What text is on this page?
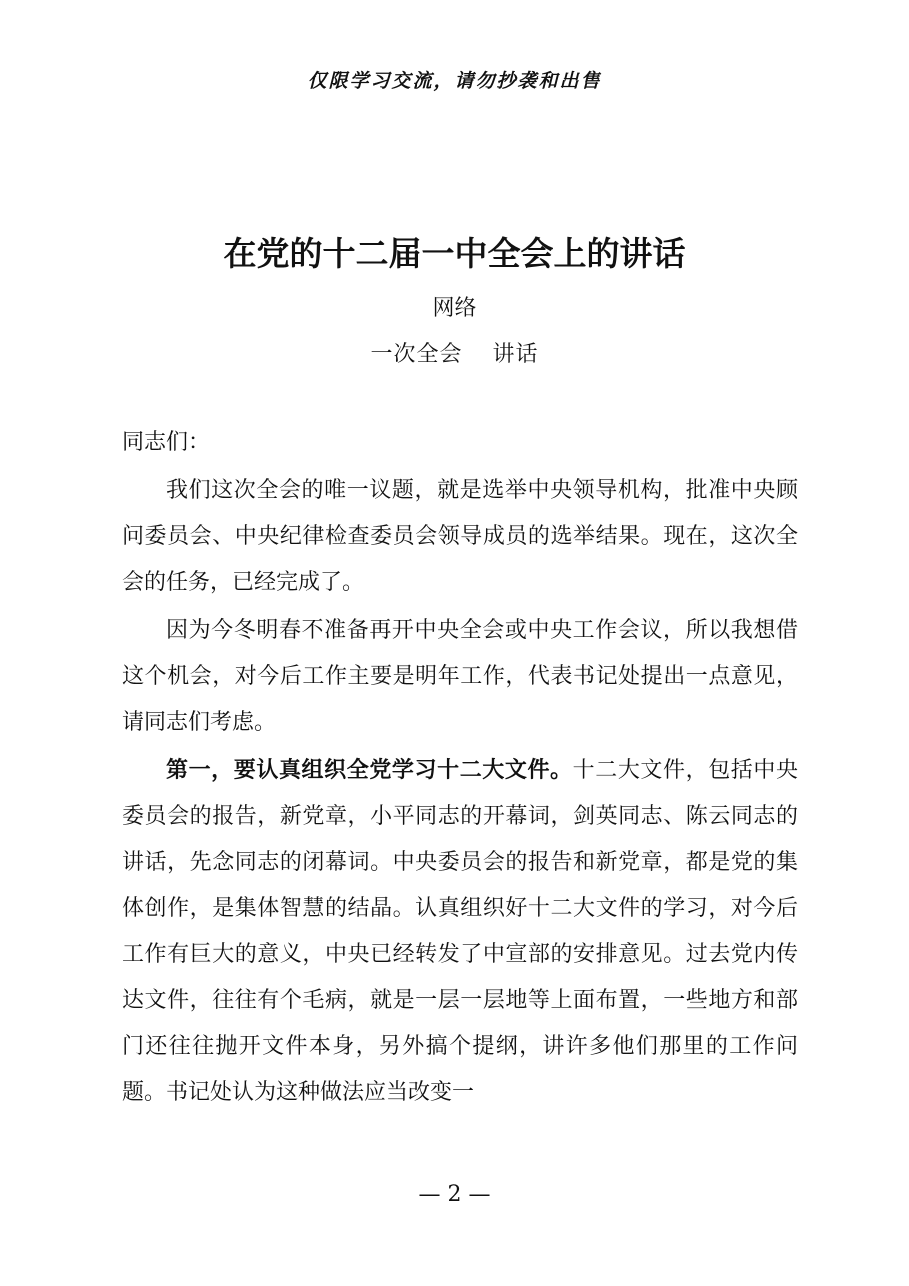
仅限学习交流，请勿抄袭和出售
在党的十二届一中全会上的讲话
网络
一次全会 讲话

同志们：

我们这次全会的唯一议题，就是选举中央领导机构，批准中央顾问委员会、中央纪律检查委员会领导成员的选举结果。现在，这次全会的任务，已经完成了。

因为今冬明春不准备再开中央全会或中央工作会议，所以我想借这个机会，对今后工作主要是明年工作，代表书记处提出一点意见，请同志们考虑。

第一，要认真组织全党学习十二大文件。十二大文件，包括中央委员会的报告，新党章，小平同志的开幕词，剑英同志、陈云同志的讲话，先念同志的闭幕词。中央委员会的报告和新党章，都是党的集体创作，是集体智慧的结晶。认真组织好十二大文件的学习，对今后工作有巨大的意义，中央已经转发了中宣部的安排意见。过去党内传达文件，往往有个毛病，就是一层一层地等上面布置，一些地方和部门还往往抛开文件本身，另外搞个提纲，讲许多他们那里的工作问题。书记处认为这种做法应当改变一

— 2 —
